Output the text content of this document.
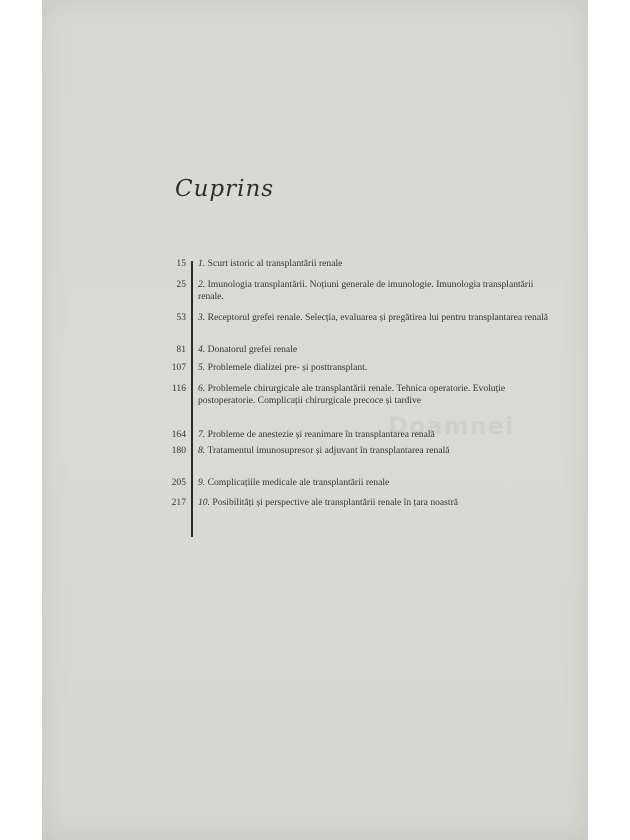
Cuprins
Doamnei
15 1. Scurt istoric al transplantării renale
25 2. Imunologia transplantării. Noțiuni generale de imunologie. Imunologia transplantării renale.
53 3. Receptorul grefei renale. Selecția, evaluarea și pregătirea lui pentru transplantarea renală
81 4. Donatorul grefei renale
107 5. Problemele dializei pre- și posttransplant.
116 6. Problemele chirurgicale ale transplantării renale. Tehnica operatorie. Evoluție postoperatorie. Complicații chirurgicale precoce și tardive
164 7. Probleme de anestezie și reanimare în transplantarea renală
180 8. Tratamentul imunosupresor și adjuvant în transplantarea renală
205 9. Complicațiile medicale ale transplantării renale
217 10. Posibilități și perspective ale transplantării renale în țara noastră
